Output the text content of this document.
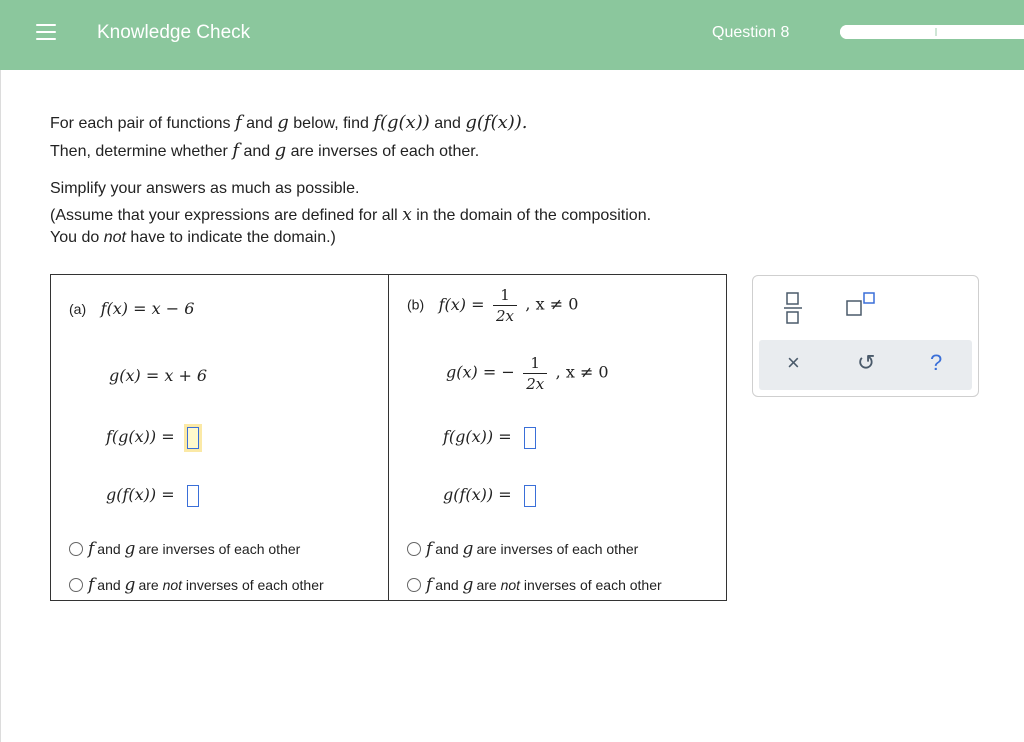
Knowledge Check	Question 8
For each pair of functions f and g below, find f(g(x)) and g(f(x)).
Then, determine whether f and g are inverses of each other.
Simplify your answers as much as possible.
(Assume that your expressions are defined for all x in the domain of the composition.
You do not have to indicate the domain.)
(a) f(x) = x − 6
g(x) = x + 6
f(g(x)) =
g(f(x)) =
f and
g are inverses of each other
f and
g are
not
inverses of each other
(b) $f(x) = \frac{1}{2x}$ , x ≠ 0
g(x) = − $\frac{1}{2x}$ , x ≠ 0
f(g(x)) =
g(f(x)) =
f and
g are inverses of each other
f and
g are
not
inverses of each other
×	↺ ?
